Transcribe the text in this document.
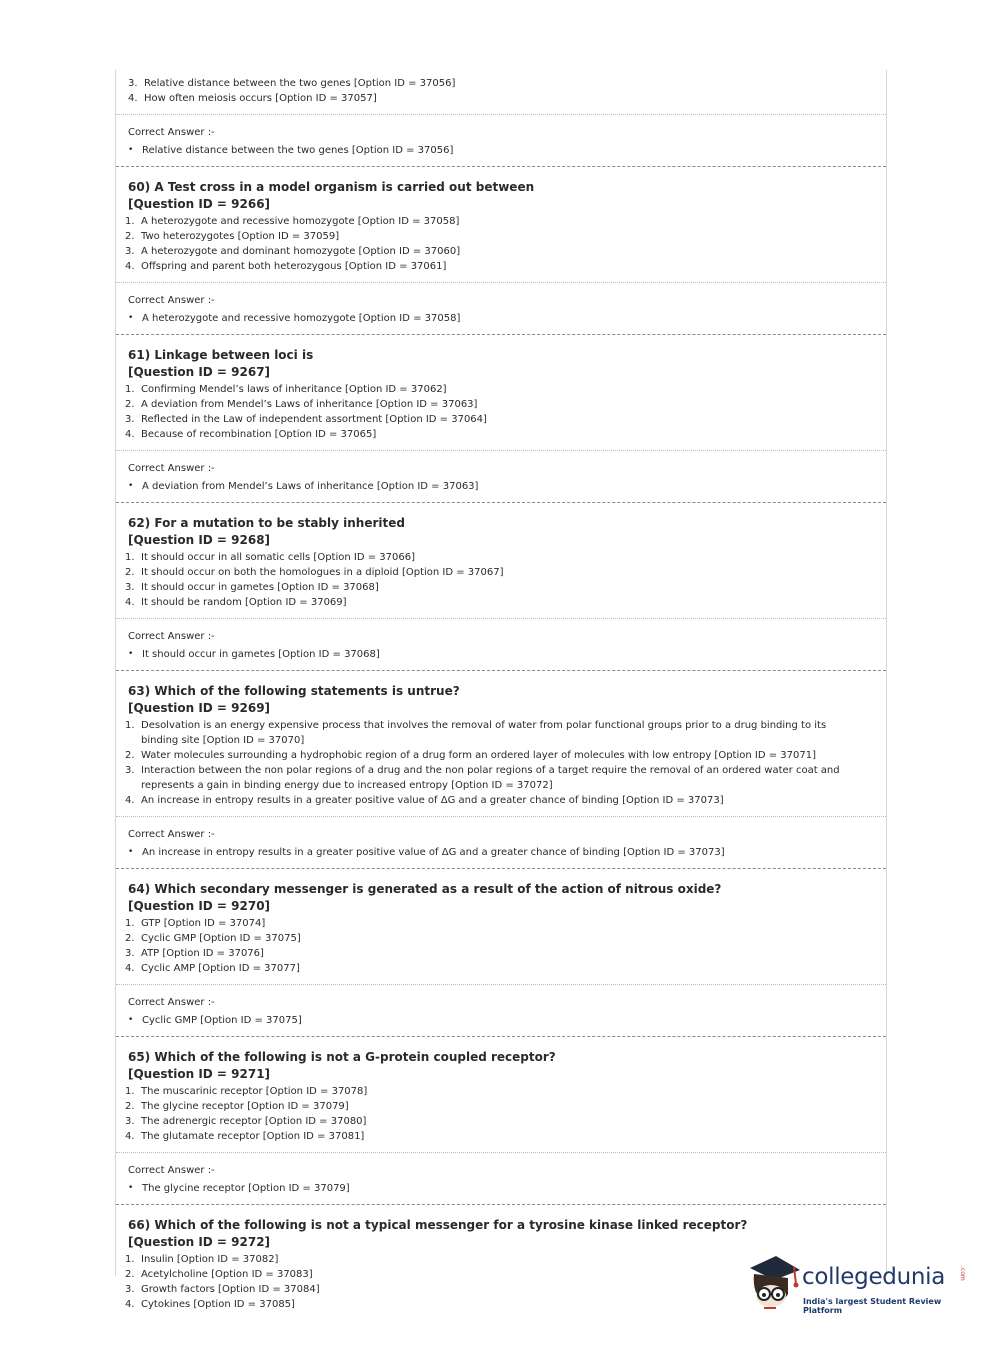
3. Relative distance between the two genes [Option ID = 37056]
4. How often meiosis occurs [Option ID = 37057]
Correct Answer :-
• Relative distance between the two genes [Option ID = 37056]
60) A Test cross in a model organism is carried out between
[Question ID = 9266]
1. A heterozygote and recessive homozygote [Option ID = 37058]
2. Two heterozygotes [Option ID = 37059]
3. A heterozygote and dominant homozygote [Option ID = 37060]
4. Offspring and parent both heterozygous [Option ID = 37061]
Correct Answer :-
• A heterozygote and recessive homozygote [Option ID = 37058]
61) Linkage between loci is
[Question ID = 9267]
1. Confirming Mendel’s laws of inheritance [Option ID = 37062]
2. A deviation from Mendel’s Laws of inheritance [Option ID = 37063]
3. Reflected in the Law of independent assortment [Option ID = 37064]
4. Because of recombination [Option ID = 37065]
Correct Answer :-
• A deviation from Mendel’s Laws of inheritance [Option ID = 37063]
62) For a mutation to be stably inherited
[Question ID = 9268]
1. It should occur in all somatic cells [Option ID = 37066]
2. It should occur on both the homologues in a diploid [Option ID = 37067]
3. It should occur in gametes [Option ID = 37068]
4. It should be random [Option ID = 37069]
Correct Answer :-
• It should occur in gametes [Option ID = 37068]
63) Which of the following statements is untrue?
[Question ID = 9269]
1. Desolvation is an energy expensive process that involves the removal of water from polar functional groups prior to a drug binding to its binding site [Option ID = 37070]
2. Water molecules surrounding a hydrophobic region of a drug form an ordered layer of molecules with low entropy [Option ID = 37071]
3. Interaction between the non polar regions of a drug and the non polar regions of a target require the removal of an ordered water coat and represents a gain in binding energy due to increased entropy [Option ID = 37072]
4. An increase in entropy results in a greater positive value of ΔG and a greater chance of binding [Option ID = 37073]
Correct Answer :-
• An increase in entropy results in a greater positive value of ΔG and a greater chance of binding [Option ID = 37073]
64) Which secondary messenger is generated as a result of the action of nitrous oxide?
[Question ID = 9270]
1. GTP [Option ID = 37074]
2. Cyclic GMP [Option ID = 37075]
3. ATP [Option ID = 37076]
4. Cyclic AMP [Option ID = 37077]
Correct Answer :-
• Cyclic GMP [Option ID = 37075]
65) Which of the following is not a G-protein coupled receptor?
[Question ID = 9271]
1. The muscarinic receptor [Option ID = 37078]
2. The glycine receptor [Option ID = 37079]
3. The adrenergic receptor [Option ID = 37080]
4. The glutamate receptor [Option ID = 37081]
Correct Answer :-
• The glycine receptor [Option ID = 37079]
66) Which of the following is not a typical messenger for a tyrosine kinase linked receptor?
[Question ID = 9272]
1. Insulin [Option ID = 37082]
2. Acetylcholine [Option ID = 37083]
3. Growth factors [Option ID = 37084]
4. Cytokines [Option ID = 37085]
collegedunia .com
India's largest Student Review Platform
